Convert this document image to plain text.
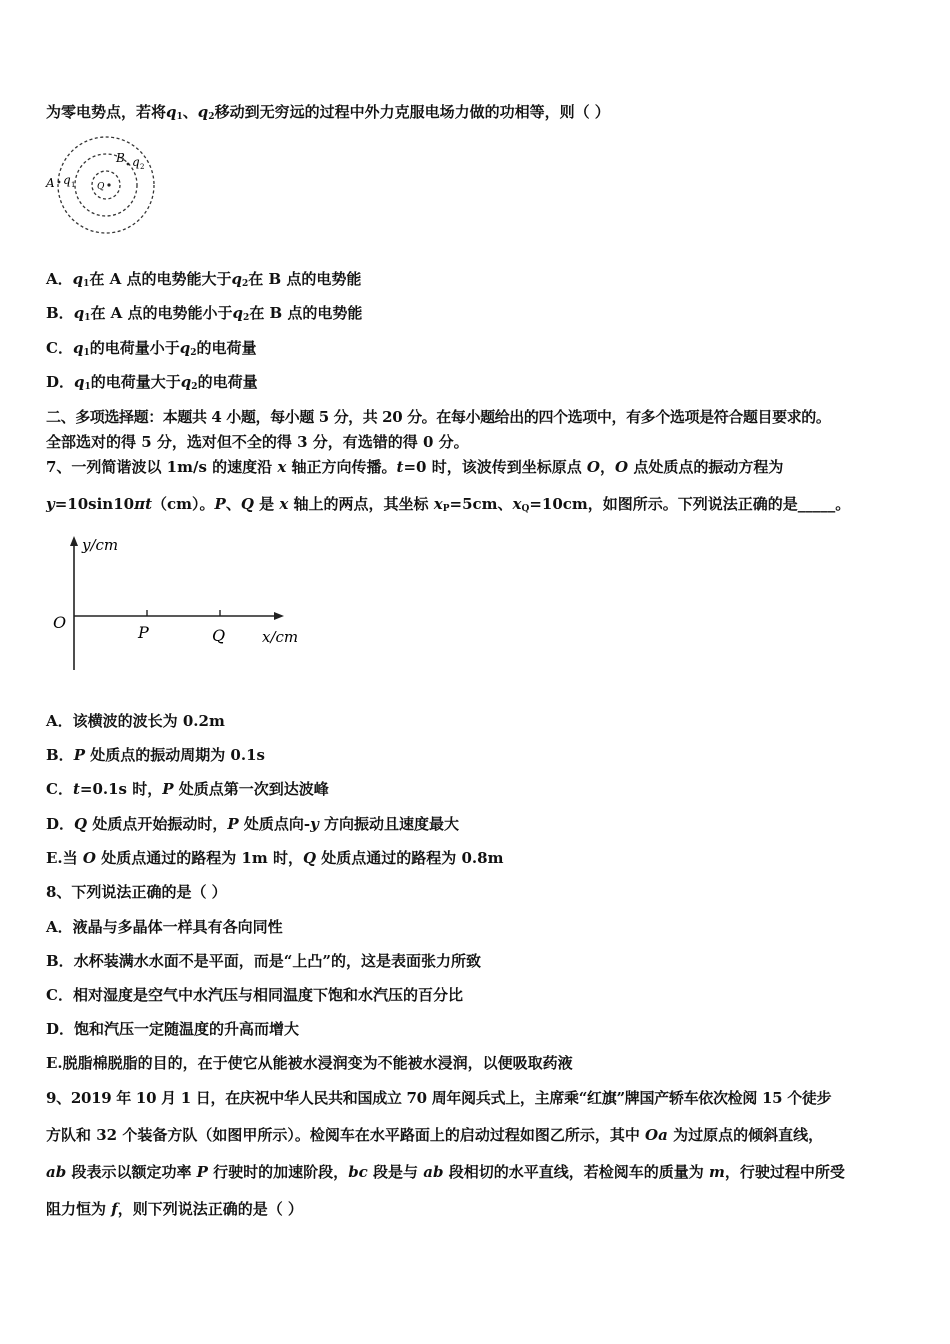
为零电势点，若将$q_1$、$q_2$移动到无穷远的过程中外力克服电场力做的功相等，则（ ）
A q 1 Q
B q 2
A．$q_1$在 A 点的电势能大于$q_2$在 B 点的电势能
B．$q_1$在 A 点的电势能小于$q_2$在 B 点的电势能
C．$q_1$的电荷量小于$q_2$的电荷量
D．$q_1$的电荷量大于$q_2$的电荷量
二、多项选择题：本题共 4 小题，每小题 5 分，共 20 分。在每小题给出的四个选项中，有多个选项是符合题目要求的。
全部选对的得 5 分，选对但不全的得 3 分，有选错的得 0 分。
7、一列简谐波以 1m/s 的速度沿 x 轴正方向传播。t=0 时，该波传到坐标原点 O，O 点处质点的振动方程为
y=10sin10πt（cm）。P、Q 是 x 轴上的两点，其坐标 $x_P=5cm$、$x_Q=10cm$，如图所示。下列说法正确的是_____。
y/cm
O
P	Q x/cm
A．该横波的波长为 0.2m
B．P 处质点的振动周期为 0.1s
C．t=0.1s 时，P 处质点第一次到达波峰
D．Q 处质点开始振动时，P 处质点向-y 方向振动且速度最大
E.当 O 处质点通过的路程为 1m 时，Q 处质点通过的路程为 0.8m
8、下列说法正确的是（ ）
A．液晶与多晶体一样具有各向同性
B．水杯装满水水面不是平面，而是“上凸”的，这是表面张力所致
C．相对湿度是空气中水汽压与相同温度下饱和水汽压的百分比
D．饱和汽压一定随温度的升高而增大
E.脱脂棉脱脂的目的，在于使它从能被水浸润变为不能被水浸润，以便吸取药液
9、2019 年 10 月 1 日，在庆祝中华人民共和国成立 70 周年阅兵式上，主席乘“红旗”牌国产轿车依次检阅 15 个徒步
方队和 32 个装备方队（如图甲所示）。检阅车在水平路面上的启动过程如图乙所示，其中 Oa 为过原点的倾斜直线，
ab 段表示以额定功率 P 行驶时的加速阶段，bc 段是与 ab 段相切的水平直线，若检阅车的质量为 m，行驶过程中所受
阻力恒为 f，则下列说法正确的是（ ）
